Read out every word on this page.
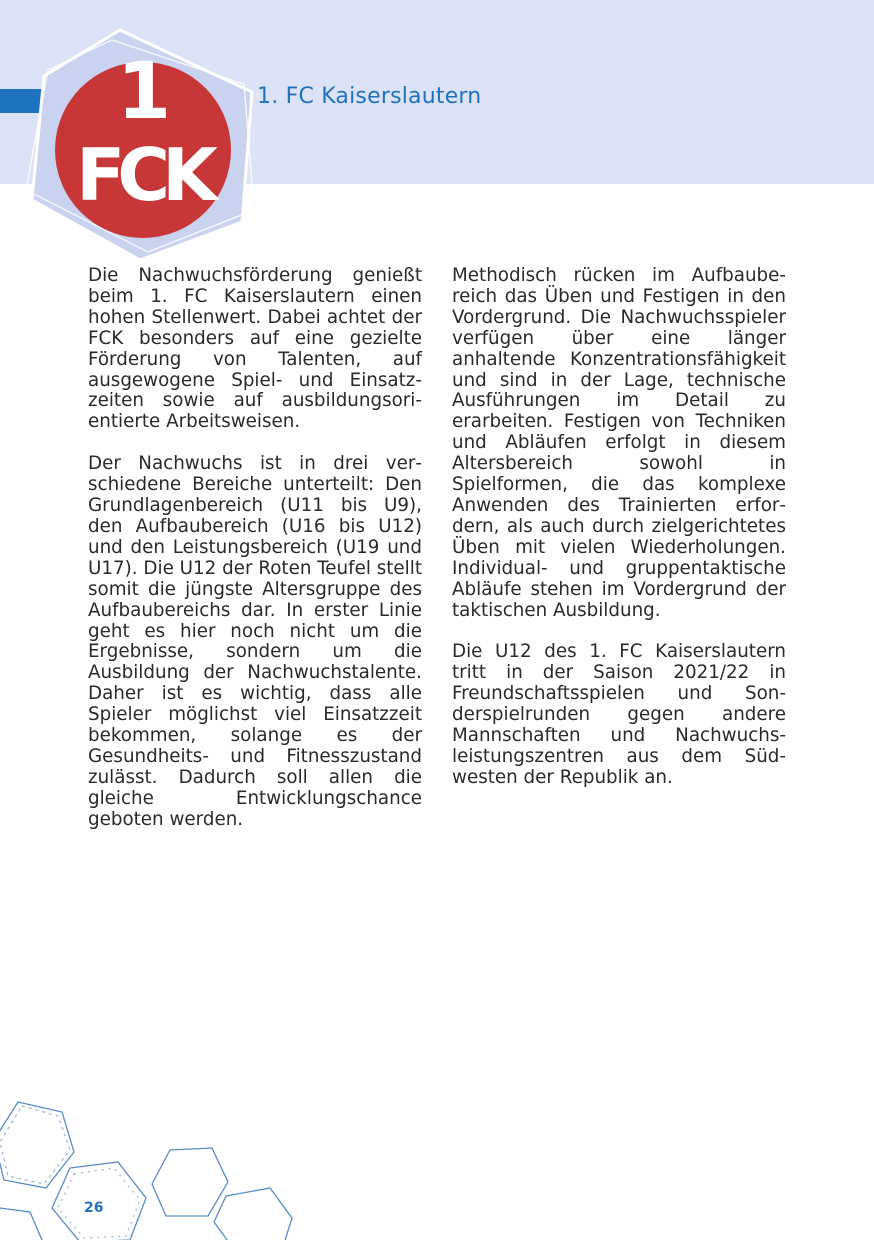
1
FCK
1. FC Kaiserslautern

Die Nachwuchsförderung genießt beim 1. FC Kaiserslautern einen hohen Stellenwert. Dabei achtet der FCK besonders auf eine gezielte Förderung von Talenten, auf ausgewogene Spiel- und Einsatzzeiten sowie auf ausbildungsorientierte Arbeitsweisen.

Der Nachwuchs ist in drei verschiedene Bereiche unterteilt: Den Grundlagenbereich (U11 bis U9), den Aufbaubereich (U16 bis U12) und den Leistungsbereich (U19 und U17). Die U12 der Roten Teufel stellt somit die jüngste Altersgruppe des Aufbaubereichs dar. In erster Linie geht es hier noch nicht um die Ergebnisse, sondern um die Ausbildung der Nachwuchstalente. Daher ist es wichtig, dass alle Spieler möglichst viel Einsatzzeit bekommen, solange es der Gesundheits- und Fitnesszustand zulässt. Dadurch soll allen die gleiche Entwicklungschance geboten werden.

Methodisch rücken im Aufbaubereich das Üben und Festigen in den Vordergrund. Die Nachwuchsspieler verfügen über eine länger anhaltende Konzentrationsfähigkeit und sind in der Lage, technische Ausführungen im Detail zu erarbeiten. Festigen von Techniken und Abläufen erfolgt in diesem Altersbereich sowohl in Spielformen, die das komplexe Anwenden des Trainierten erfordern, als auch durch zielgerichtetes Üben mit vielen Wiederholungen. Individual- und gruppentaktische Abläufe stehen im Vordergrund der taktischen Ausbildung.

Die U12 des 1. FC Kaiserslautern tritt in der Saison 2021/22 in Freundschaftsspielen und Sonderspielrunden gegen andere Mannschaften und Nachwuchsleistungszentren aus dem Südwesten der Republik an.

26
